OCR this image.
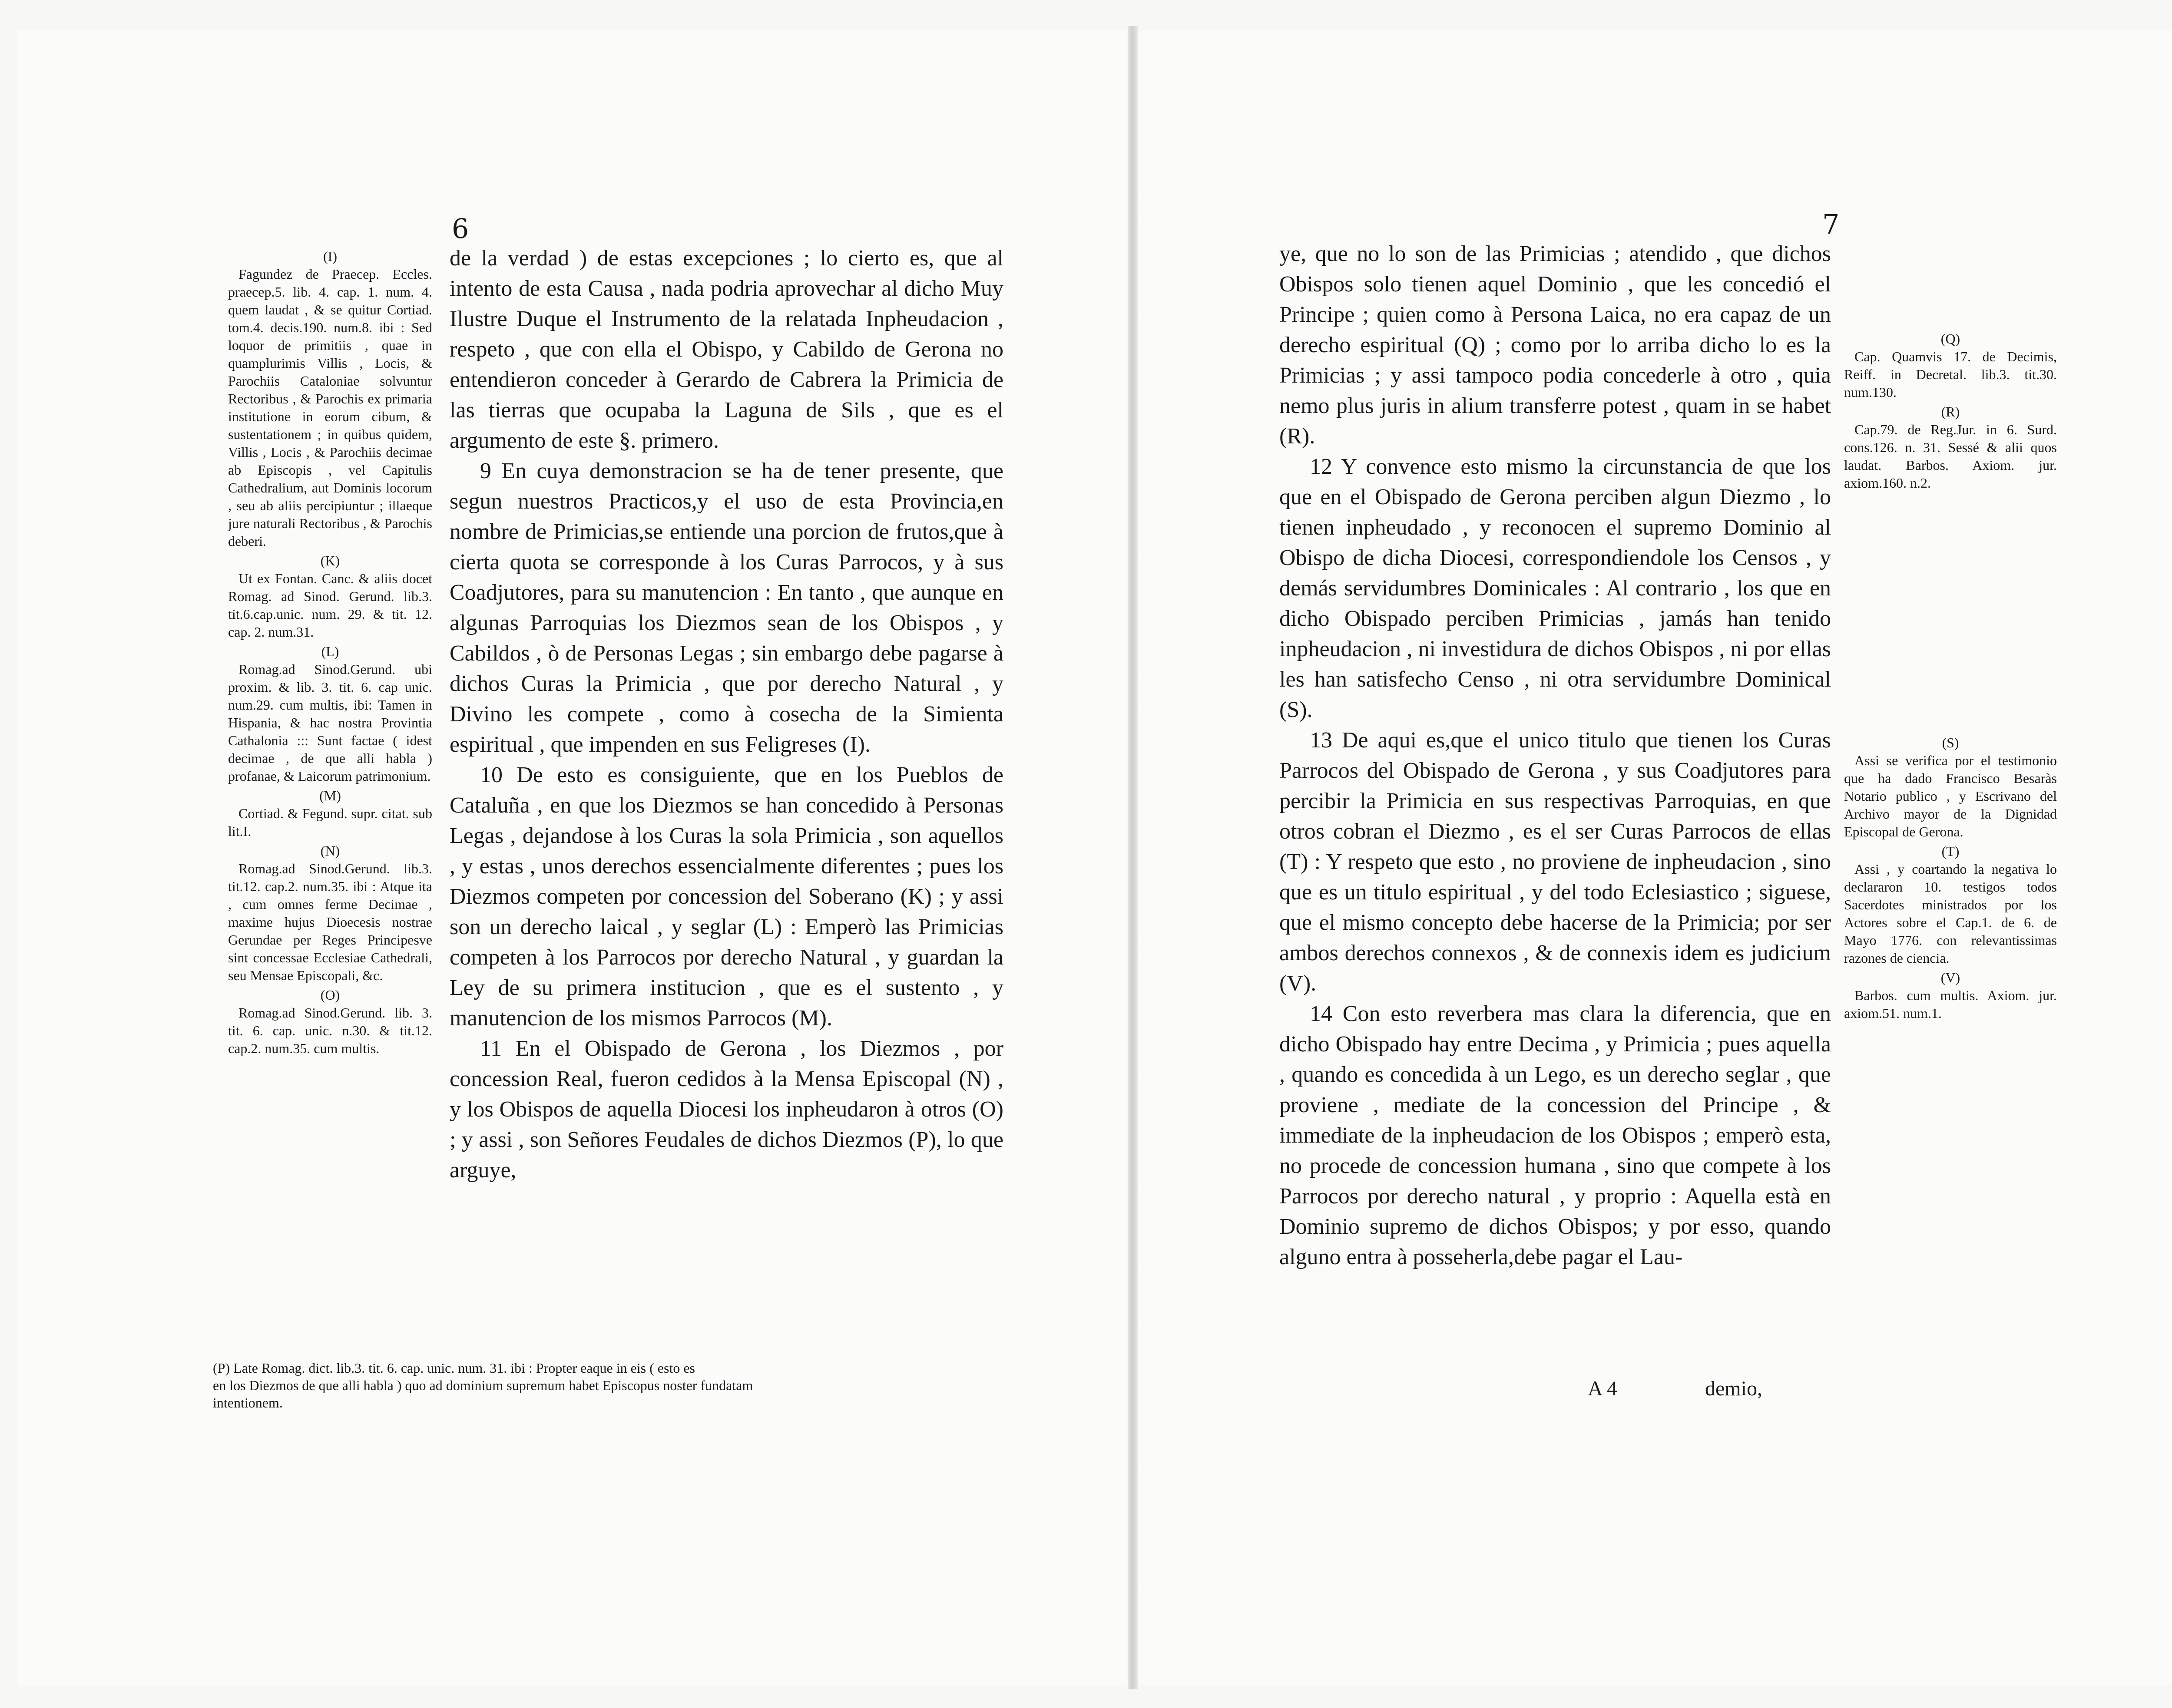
6
(I)
Fagundez de Praecep. Eccles. praecep.5. lib. 4. cap. 1. num. 4. quem laudat , & se quitur Cortiad. tom.4. decis.190. num.8. ibi : Sed loquor de primitiis , quae in quamplurimis Villis , Locis, & Parochiis Cataloniae solvuntur Rectoribus , & Parochis ex primaria institutione in eorum cibum, & sustentationem ; in quibus quidem, Villis , Locis , & Parochiis decimae ab Episcopis , vel Capitulis Cathedralium, aut Dominis locorum , seu ab aliis percipiuntur ; illaeque jure naturali Rectoribus , & Parochis deberi.
(K)
Ut ex Fontan. Canc. & aliis docet Romag. ad Sinod. Gerund. lib.3. tit.6.cap.unic. num. 29. & tit. 12. cap. 2. num.31.
(L)
Romag.ad Sinod.Gerund. ubi proxim. & lib. 3. tit. 6. cap unic. num.29. cum multis, ibi: Tamen in Hispania, & hac nostra Provintia Cathalonia ::: Sunt factae ( idest decimae , de que alli habla ) profanae, & Laicorum patrimonium.
(M)
Cortiad. & Fegund. supr. citat. sub lit.I.
(N)
Romag.ad Sinod.Gerund. lib.3. tit.12. cap.2. num.35. ibi : Atque ita , cum omnes ferme Decimae , maxime hujus Dioecesis nostrae Gerundae per Reges Principesve sint concessae Ecclesiae Cathedrali, seu Mensae Episcopali, &c.
(O)
Romag.ad Sinod.Gerund. lib. 3. tit. 6. cap. unic. n.30. & tit.12. cap.2. num.35. cum multis.

de la verdad ) de estas excepciones ; lo cierto es, que al intento de esta Causa , nada podria aprovechar al dicho Muy Ilustre Duque el Instrumento de la relatada Inpheudacion , respeto , que con ella el Obispo, y Cabildo de Gerona no entendieron conceder à Gerardo de Cabrera la Primicia de las tierras que ocupaba la Laguna de Sils , que es el argumento de este §. primero.

9 En cuya demonstracion se ha de tener presente, que segun nuestros Practicos,y el uso de esta Provincia,en nombre de Primicias,se entiende una porcion de frutos,que à cierta quota se corresponde à los Curas Parrocos, y à sus Coadjutores, para su manutencion : En tanto , que aunque en algunas Parroquias los Diezmos sean de los Obispos , y Cabildos , ò de Personas Legas ; sin embargo debe pagarse à dichos Curas la Primicia , que por derecho Natural , y Divino les compete , como à cosecha de la Simienta espiritual , que impenden en sus Feligreses (I).

10 De esto es consiguiente, que en los Pueblos de Cataluña , en que los Diezmos se han concedido à Personas Legas , dejandose à los Curas la sola Primicia , son aquellos , y estas , unos derechos essencialmente diferentes ; pues los Diezmos competen por concession del Soberano (K) ; y assi son un derecho laical , y seglar (L) : Emperò las Primicias competen à los Parrocos por derecho Natural , y guardan la Ley de su primera institucion , que es el sustento , y manutencion de los mismos Parrocos (M).

11 En el Obispado de Gerona , los Diezmos , por concession Real, fueron cedidos à la Mensa Episcopal (N) , y los Obispos de aquella Diocesi los inpheudaron à otros (O) ; y assi , son Señores Feudales de dichos Diezmos (P), lo que arguye,

(P) Late Romag. dict. lib.3. tit. 6. cap. unic. num. 31. ibi : Propter eaque in eis ( esto es
en los Diezmos de que alli habla ) quo ad dominium supremum habet Episcopus noster fundatam
intentionem.
7

ye, que no lo son de las Primicias ; atendido , que dichos Obispos solo tienen aquel Dominio , que les concedió el Principe ; quien como à Persona Laica, no era capaz de un derecho espiritual (Q) ; como por lo arriba dicho lo es la Primicias ; y assi tampoco podia concederle à otro , quia nemo plus juris in alium transferre potest , quam in se habet (R).

12 Y convence esto mismo la circunstancia de que los que en el Obispado de Gerona perciben algun Diezmo , lo tienen inpheudado , y reconocen el supremo Dominio al Obispo de dicha Diocesi, correspondiendole los Censos , y demás servidumbres Dominicales : Al contrario , los que en dicho Obispado perciben Primicias , jamás han tenido inpheudacion , ni investidura de dichos Obispos , ni por ellas les han satisfecho Censo , ni otra servidumbre Dominical (S).

13 De aqui es,que el unico titulo que tienen los Curas Parrocos del Obispado de Gerona , y sus Coadjutores para percibir la Primicia en sus respectivas Parroquias, en que otros cobran el Diezmo , es el ser Curas Parrocos de ellas (T) : Y respeto que esto , no proviene de inpheudacion , sino que es un titulo espiritual , y del todo Eclesiastico ; siguese, que el mismo concepto debe hacerse de la Primicia; por ser ambos derechos connexos , & de connexis idem es judicium (V).

14 Con esto reverbera mas clara la diferencia, que en dicho Obispado hay entre Decima , y Primicia ; pues aquella , quando es concedida à un Lego, es un derecho seglar , que proviene , mediate de la concession del Principe , & immediate de la inpheudacion de los Obispos ; emperò esta, no procede de concession humana , sino que compete à los Parrocos por derecho natural , y proprio : Aquella està en Dominio supremo de dichos Obispos; y por esso, quando alguno entra à posseherla,debe pagar el Lau-

(Q)
Cap. Quamvis 17. de Decimis, Reiff. in Decretal. lib.3. tit.30. num.130.
(R)
Cap.79. de Reg.Jur. in 6. Surd. cons.126. n. 31. Sessé & alii quos laudat. Barbos. Axiom. jur. axiom.160. n.2.
(S)
Assi se verifica por el testimonio que ha dado Francisco Besaràs Notario publico , y Escrivano del Archivo mayor de la Dignidad Episcopal de Gerona.
(T)
Assi , y coartando la negativa lo declararon 10. testigos todos Sacerdotes ministrados por los Actores sobre el Cap.1. de 6. de Mayo 1776. con relevantissimas razones de ciencia.
(V)
Barbos. cum multis. Axiom. jur. axiom.51. num.1.
A 4	demio,
